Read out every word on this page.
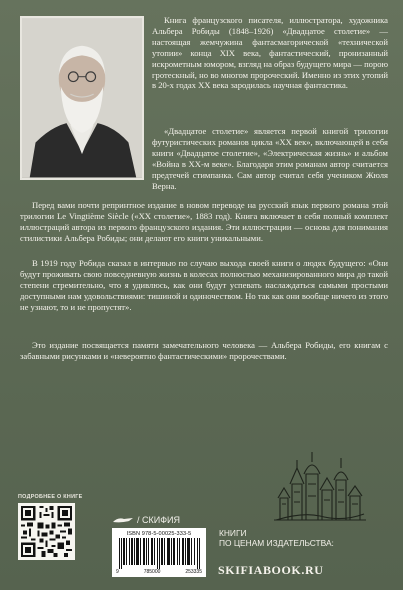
Книга французского писателя, иллюстратора, художника Альбера Робиды (1848–1926) «Двадцатое столетие» — настоящая жемчужина фантасмагорической «технической утопии» конца XIX века, фантастический, пронизанный искрометным юмором, взгляд на образ будущего мира — порою гротескный, но во многом пророческий. Именно из этих утопий в 20-х годах XX века зародилась научная фантастика.

«Двадцатое столетие» является первой книгой трилогии футуристических романов цикла «XX век», включающей в себя книги «Двадцатое столетие», «Электрическая жизнь» и альбом «Война в XX-м веке». Благодаря этим романам автор считается предтечей стимпанка. Сам автор считал себя учеником Жюля Верна.

Перед вами почти репринтное издание в новом переводе на русский язык первого романа этой трилогии Le Vingtième Siècle («XX столетие», 1883 год). Книга включает в себя полный комплект иллюстраций автора из первого французского издания. Эти иллюстрации — основа для понимания стилистики Альбера Робиды; они делают его книги уникальными.

В 1919 году Робида сказал в интервью по случаю выхода своей книги о людях будущего: «Они будут проживать свою повседневную жизнь в колесах полностью механизированного мира до такой степени стремительно, что я удивлюсь, как они будут успевать наслаждаться самыми простыми доступными нам удовольствиями: тишиной и одиночеством. Но так как они вообще ничего из этого не узнают, то и не пропустят».

Это издание посвящается памяти замечательного человека — Альбера Робиды, его книгам с забавными рисунками и «невероятно фантастическими» пророчествами.

ПОДРОБНЕЕ О КНИГЕ
/ СКИФИЯ
ISBN 978-5-00025-333-5
9	785000	253335
КНИГИ
ПО ЦЕНАМ ИЗДАТЕЛЬСТВА:
SKIFIABOOK.RU
